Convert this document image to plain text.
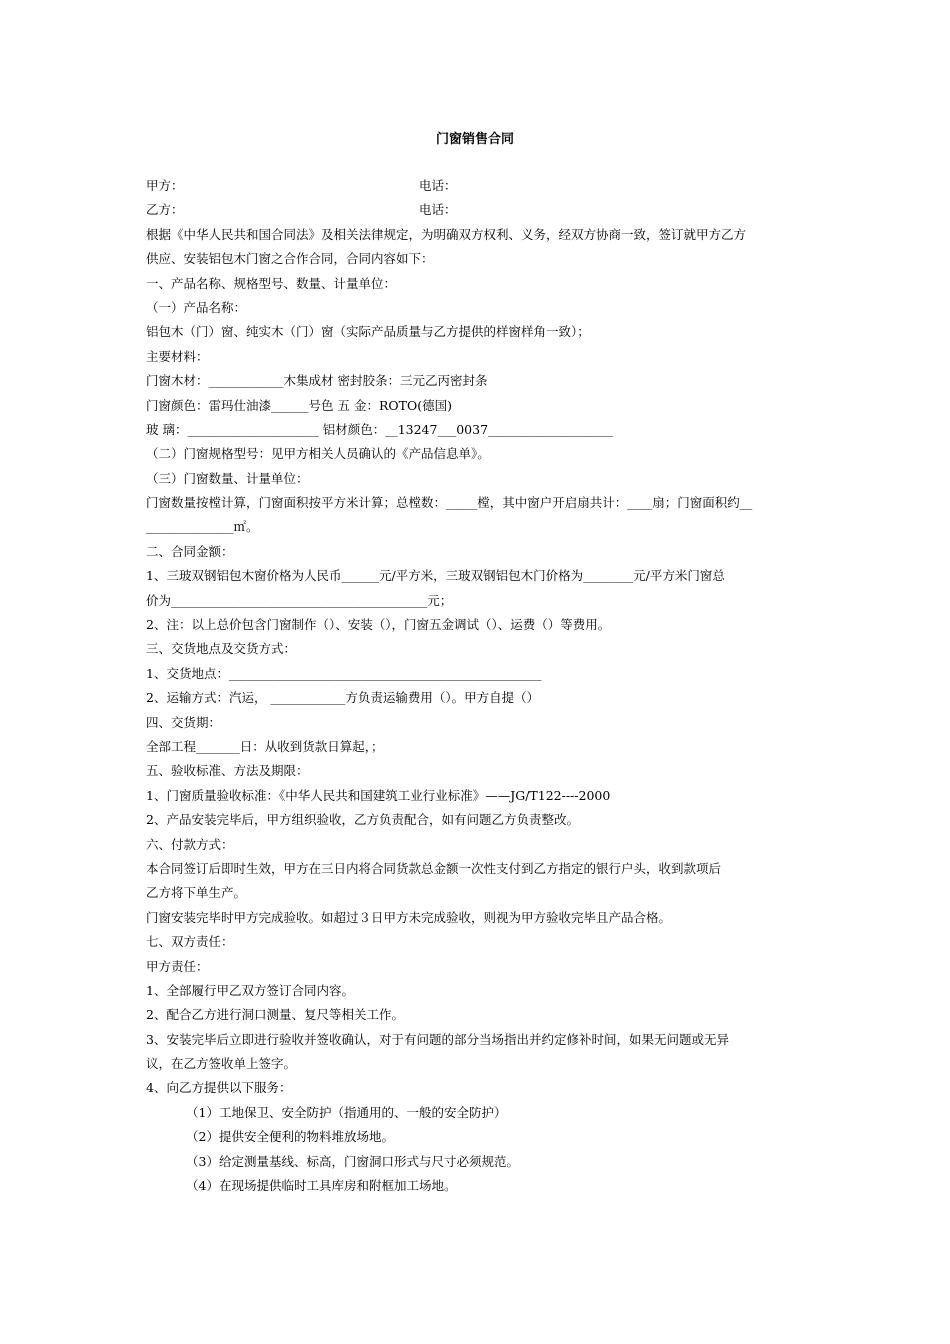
门窗销售合同
甲方：	电话：
乙方：	电话：
根据《中华人民共和国合同法》及相关法律规定，为明确双方权利、义务，经双方协商一致，签订就甲方乙方
供应、安装铝包木门窗之合作合同，合同内容如下：
一、产品名称、规格型号、数量、计量单位：
（一）产品名称：
铝包木（门）窗、纯实木（门）窗（实际产品质量与乙方提供的样窗样角一致）；
主要材料：
门窗木材：____________木集成材 密封胶条：三元乙丙密封条
门窗颜色：雷玛仕油漆______号色 五 金：ROTO(德国)
玻 璃：_____________________ 铝材颜色：__13247___0037____________________
（二）门窗规格型号：见甲方相关人员确认的《产品信息单》。
（三）门窗数量、计量单位：
门窗数量按樘计算，门窗面积按平方米计算；总樘数：_____樘，其中窗户开启扇共计：____扇；门窗面积约__
______________㎡。
二、合同金额：
1、三玻双钢铝包木窗价格为人民币______元/平方米，三玻双钢铝包木门价格为________元/平方米门窗总
价为_________________________________________元；
2、注：以上总价包含门窗制作（）、安装（），门窗五金调试（）、运费（）等费用。
三、交货地点及交货方式：
1、交货地点：__________________________________________________
2、运输方式：汽运， ____________方负责运输费用（）。甲方自提（）
四、交货期：
全部工程_______日：从收到货款日算起，；
五、验收标准、方法及期限：
1、门窗质量验收标准：《中华人民共和国建筑工业行业标准》——JG/T122----2000
2、产品安装完毕后，甲方组织验收，乙方负责配合，如有问题乙方负责整改。
六、付款方式：
本合同签订后即时生效，甲方在三日内将合同货款总金额一次性支付到乙方指定的银行户头，收到款项后
乙方将下单生产。
门窗安装完毕时甲方完成验收。如超过３日甲方未完成验收，则视为甲方验收完毕且产品合格。
七、双方责任：
甲方责任：
1、全部履行甲乙双方签订合同内容。
2、配合乙方进行洞口测量、复尺等相关工作。
3、安装完毕后立即进行验收并签收确认，对于有问题的部分当场指出并约定修补时间，如果无问题或无异
议，在乙方签收单上签字。
4、向乙方提供以下服务：
（1）工地保卫、安全防护（指通用的、一般的安全防护）
（2）提供安全便利的物料堆放场地。
（3）给定测量基线、标高，门窗洞口形式与尺寸必须规范。
（4）在现场提供临时工具库房和附框加工场地。
